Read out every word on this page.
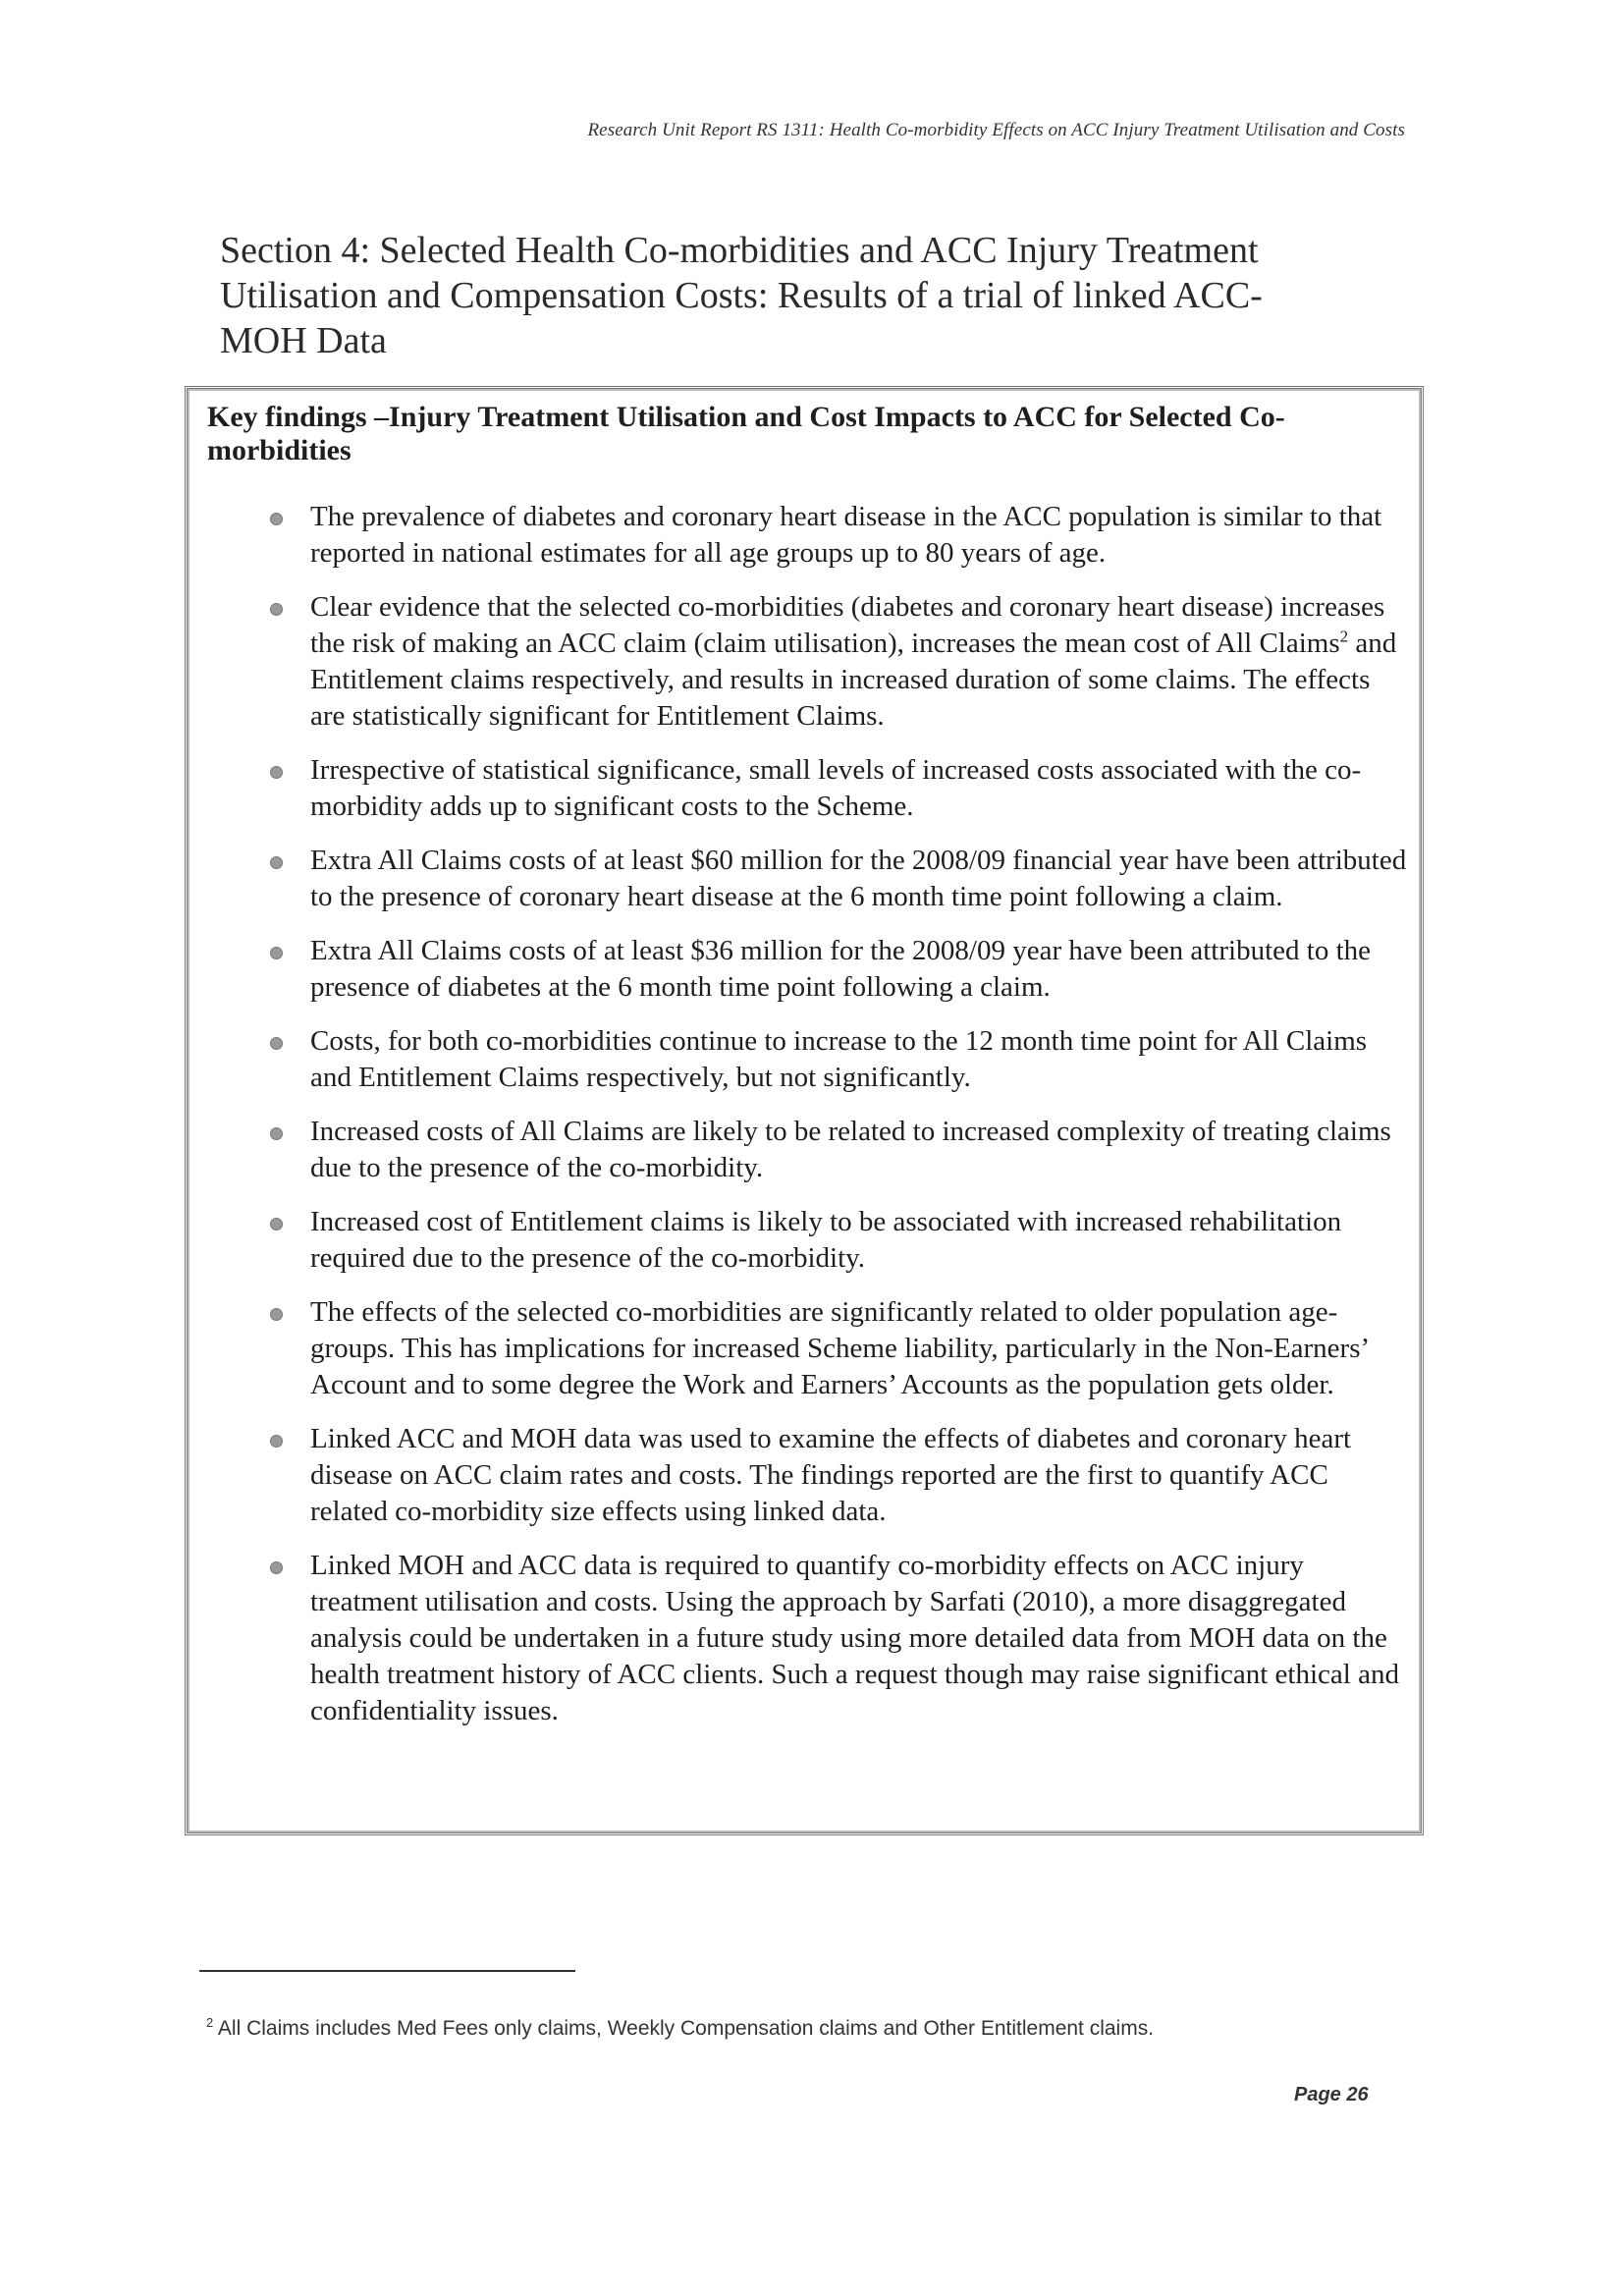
Research Unit Report RS 1311: Health Co-morbidity Effects on ACC Injury Treatment Utilisation and Costs
Section 4: Selected Health Co-morbidities and ACC Injury Treatment Utilisation and Compensation Costs: Results of a trial of linked ACC-MOH Data
Key findings –Injury Treatment Utilisation and Cost Impacts to ACC for Selected Co-morbidities
The prevalence of diabetes and coronary heart disease in the ACC population is similar to that reported in national estimates for all age groups up to 80 years of age.
Clear evidence that the selected co-morbidities (diabetes and coronary heart disease) increases the risk of making an ACC claim (claim utilisation), increases the mean cost of All Claims$^2$ and Entitlement claims respectively, and results in increased duration of some claims. The effects are statistically significant for Entitlement Claims.
Irrespective of statistical significance, small levels of increased costs associated with the co-morbidity adds up to significant costs to the Scheme.
Extra All Claims costs of at least $60 million for the 2008/09 financial year have been attributed to the presence of coronary heart disease at the 6 month time point following a claim.
Extra All Claims costs of at least $36 million for the 2008/09 year have been attributed to the presence of diabetes at the 6 month time point following a claim.
Costs, for both co-morbidities continue to increase to the 12 month time point for All Claims and Entitlement Claims respectively, but not significantly.
Increased costs of All Claims are likely to be related to increased complexity of treating claims due to the presence of the co-morbidity.
Increased cost of Entitlement claims is likely to be associated with increased rehabilitation required due to the presence of the co-morbidity.
The effects of the selected co-morbidities are significantly related to older population age-groups. This has implications for increased Scheme liability, particularly in the Non-Earners’ Account and to some degree the Work and Earners’ Accounts as the population gets older.
Linked ACC and MOH data was used to examine the effects of diabetes and coronary heart disease on ACC claim rates and costs. The findings reported are the first to quantify ACC related co-morbidity size effects using linked data.
Linked MOH and ACC data is required to quantify co-morbidity effects on ACC injury treatment utilisation and costs. Using the approach by Sarfati (2010), a more disaggregated analysis could be undertaken in a future study using more detailed data from MOH data on the health treatment history of ACC clients. Such a request though may raise significant ethical and confidentiality issues.
$^2$ All Claims includes Med Fees only claims, Weekly Compensation claims and Other Entitlement claims.
Page 26
